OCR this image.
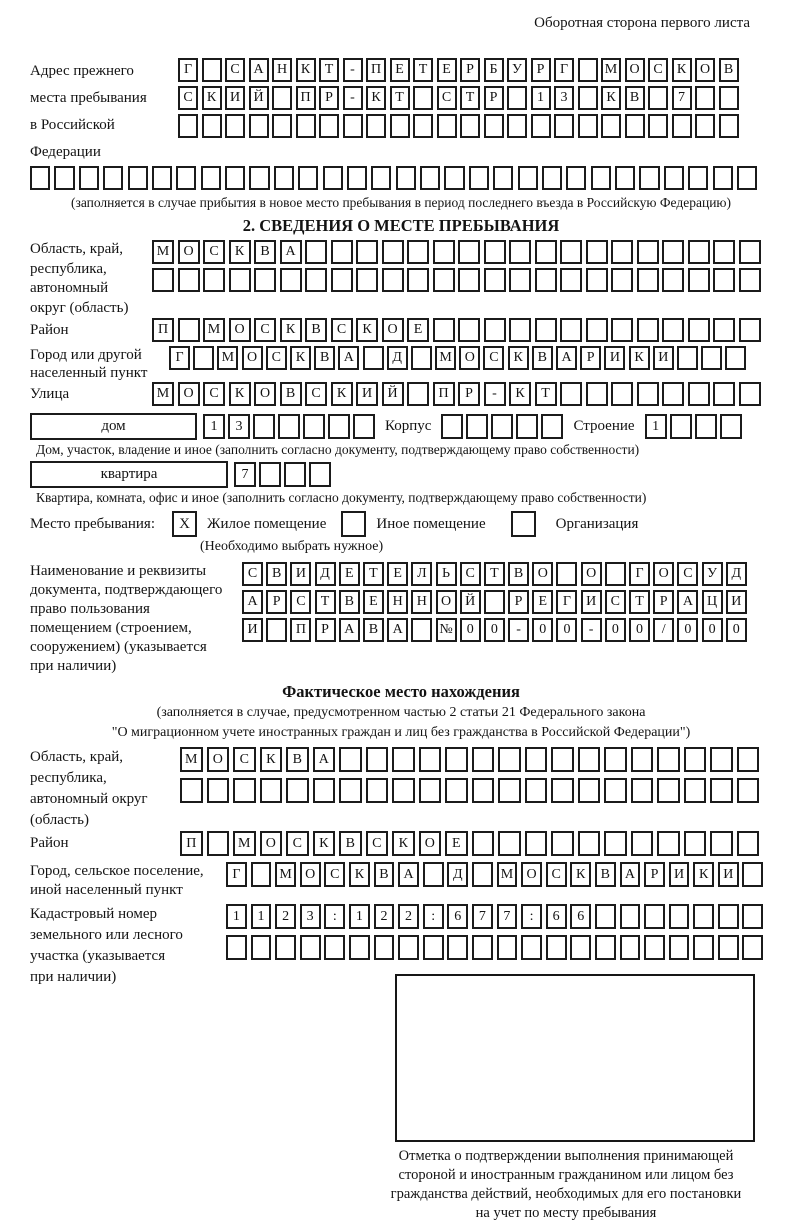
Оборотная сторона первого листа
Адрес прежнего
места пребывания
в Российской
Федерации
Г	С А Н К	Т	-	П	Е	Т	Е	Р	Б	У	Р	Г	М О С	К О В
С	К И Й	П	Р	-	К	Т	С	Т	Р	1	3	К	В	7
(заполняется в случае прибытия в новое место пребывания в период последнего въезда в Российскую Федерацию)
2. СВЕДЕНИЯ О МЕСТЕ ПРЕБЫВАНИЯ
Область, край,
республика,
автономный
округ (область)
М	О	С	К	В	А
Район	П	М	О	С	К	В	С	К	О	Е
Город или другой
населенный пункт
Г	М О	С	К	В	А	Д	М О	С	К	В	А	Р	И	К	И
Улица	М	О	С	К	О	В	С	К	И	Й	П	Р	-	К	Т
дом	1	3	Корпус	Строение	1
Дом, участок, владение и иное (заполнить согласно документу, подтверждающему право собственности)
квартира	7
Квартира, комната, офис и иное (заполнить согласно документу, подтверждающему право собственности)
Место пребывания:	X	Жилое помещение	Иное помещение	Организация
(Необходимо выбрать нужное)
Наименование и реквизиты
документа, подтверждающего
право пользования
помещением (строением,
сооружением) (указывается
при наличии)
С	В	И	Д	Е	Т	Е	Л	Ь	С	Т	В	О	О	Г	О	С	У	Д
А	Р	С	Т	В	Е	Н	Н	О	Й	Р	Е	Г	И	С	Т	Р	А	Ц	И
И	П	Р	А	В	А	№	0	0	-	0	0	-	0	0	/	0	0	0
Фактическое место нахождения
(заполняется в случае, предусмотренном частью 2 статьи 21 Федерального закона
"О миграционном учете иностранных граждан и лиц без гражданства в Российской Федерации")
Область, край,
республика,
автономный округ
(область)
М	О	С	К	В	А
Район	П	М	О	С	К	В	С	К	О	Е
Город, сельское поселение,
иной населенный пункт
Г	М О	С	К	В	А	Д	М О	С	К	В	А	Р	И	К	И
Кадастровый номер
земельного или лесного
участка (указывается
при наличии)
1	1	2	3	:	1	2	2	:	6	7	7	:	6	6
Отметка о подтверждении выполнения принимающей
стороной и иностранным гражданином или лицом без
гражданства действий, необходимых для его постановки
на учет по месту пребывания
